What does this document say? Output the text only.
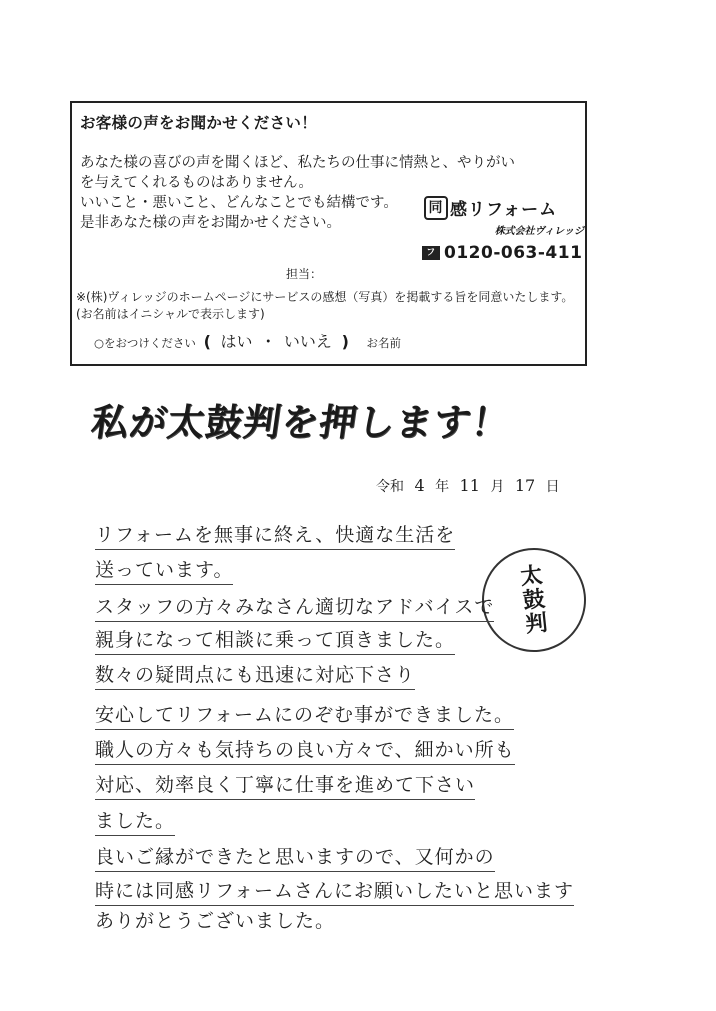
お客様の声をお聞かせください！
あなた様の喜びの声を聞くほど、私たちの仕事に情熱と、やりがい
を与えてくれるものはありません。
いいこと・悪いこと、どんなことでも結構です。
是非あなた様の声をお聞かせください。
同 感リフォーム
株式会社ヴィレッジ
フリー0120-063-411
担当：
※(株)ヴィレッジのホームページにサービスの感想（写真）を掲載する旨を同意いたします。(お名前はイニシャルで表示します)
○をおつけください ( はい ・ いいえ ) お名前
私が太鼓判を押します！
令和 4 年 11 月 17 日
太
鼓
判
リフォームを無事に終え、快適な生活を
送っています。
スタッフの方々みなさん適切なアドバイスで
親身になって相談に乗って頂きました。
数々の疑問点にも迅速に対応下さり
安心してリフォームにのぞむ事ができました。
職人の方々も気持ちの良い方々で、細かい所も
対応、効率良く丁寧に仕事を進めて下さい
ました。
良いご縁ができたと思いますので、又何かの
時には同感リフォームさんにお願いしたいと思います
ありがとうございました。
